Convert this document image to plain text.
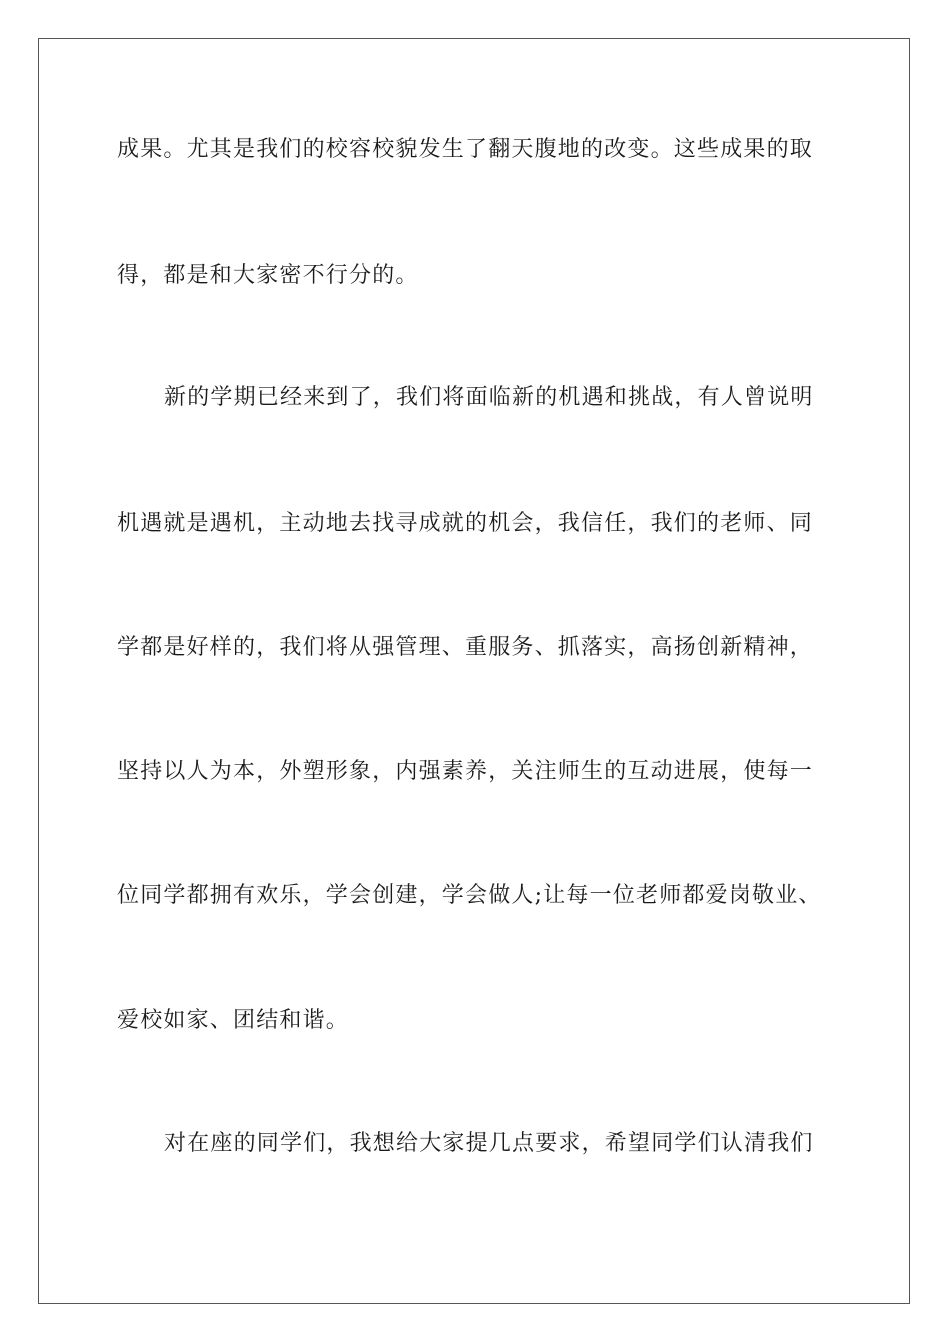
成果。尤其是我们的校容校貌发生了翻天腹地的改变。这些成果的取
得，都是和大家密不行分的。
新的学期已经来到了，我们将面临新的机遇和挑战，有人曾说明
机遇就是遇机，主动地去找寻成就的机会，我信任，我们的老师、同
学都是好样的，我们将从强管理、重服务、抓落实，高扬创新精神，
坚持以人为本，外塑形象，内强素养，关注师生的互动进展，使每一
位同学都拥有欢乐，学会创建，学会做人;让每一位老师都爱岗敬业、
爱校如家、团结和谐。
对在座的同学们，我想给大家提几点要求，希望同学们认清我们
